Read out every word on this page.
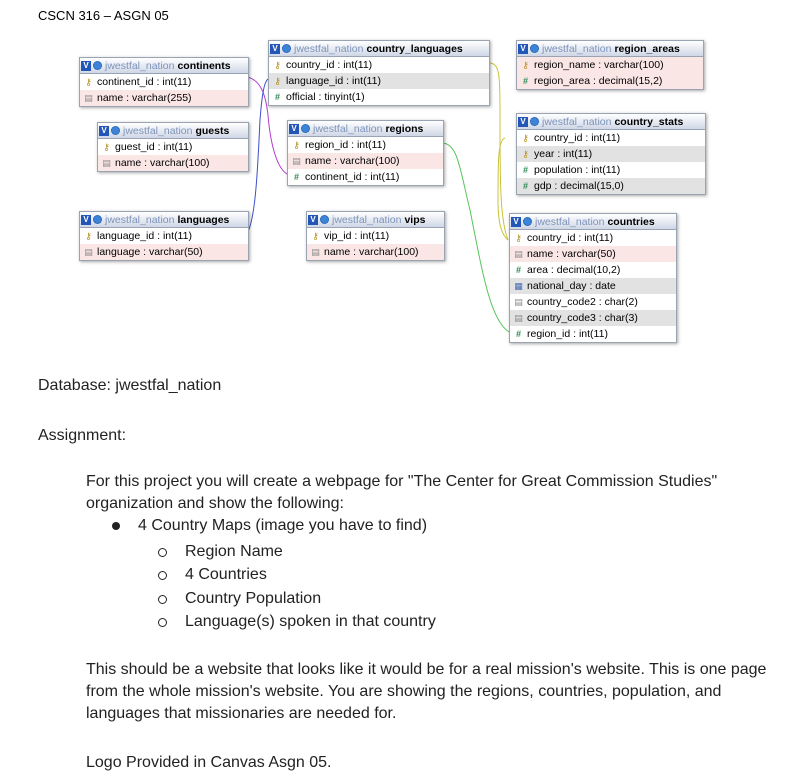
CSCN 316 – ASGN 05
V jwestfal_nation continents
⚷ continent_id : int(11)
▤ name : varchar(255)
V jwestfal_nation guests
⚷ guest_id : int(11)
▤ name : varchar(100)
V jwestfal_nation languages
⚷ language_id : int(11)
▤ language : varchar(50)
V jwestfal_nation country_languages
⚷ country_id : int(11)
⚷ language_id : int(11)
# official : tinyint(1)
V jwestfal_nation regions
⚷ region_id : int(11)
▤ name : varchar(100)
# continent_id : int(11)
V jwestfal_nation vips
⚷ vip_id : int(11)
▤ name : varchar(100)
V jwestfal_nation region_areas
⚷ region_name : varchar(100)
# region_area : decimal(15,2)
V jwestfal_nation country_stats
⚷ country_id : int(11)
⚷ year : int(11)
# population : int(11)
# gdp : decimal(15,0)
V jwestfal_nation countries
⚷ country_id : int(11)
▤ name : varchar(50)
# area : decimal(10,2)
▦ national_day : date
▤ country_code2 : char(2)
▤ country_code3 : char(3)
# region_id : int(11)
Database: jwestfal_nation
Assignment:
For this project you will create a webpage for "The Center for Great Commission Studies" organization and show the following:
4 Country Maps (image you have to find)
Region Name
4 Countries
Country Population
Language(s) spoken in that country
This should be a website that looks like it would be for a real mission's website. This is one page from the whole mission's website. You are showing the regions, countries, population, and languages that missionaries are needed for.
Logo Provided in Canvas Asgn 05.
